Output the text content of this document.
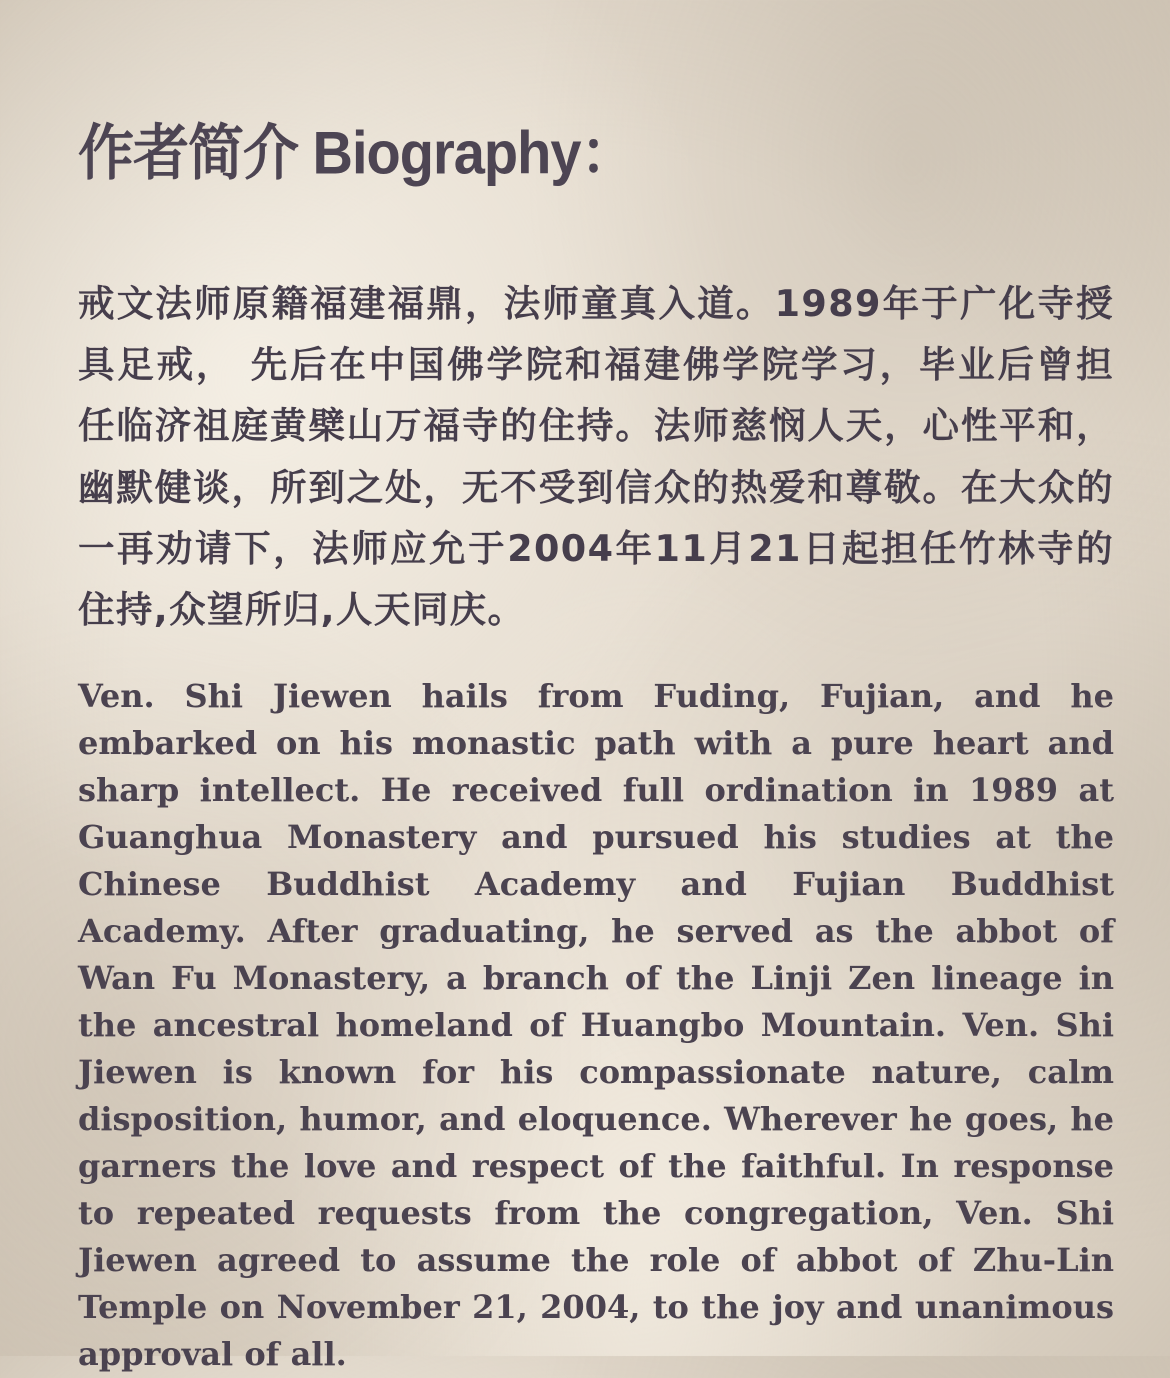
作者简介 Biography：

戒文法师原籍福建福鼎，法师童真入道。1989年于广化寺授具足戒， 先后在中国佛学院和福建佛学院学习，毕业后曾担任临济祖庭黄檗山万福寺的住持。法师慈悯人天，心性平和，幽默健谈，所到之处，无不受到信众的热爱和尊敬。在大众的一再劝请下，法师应允于2004年11月21日起担任竹林寺的住持,众望所归,人天同庆。

Ven. Shi Jiewen hails from Fuding, Fujian, and he embarked on his monastic path with a pure heart and sharp intellect. He received full ordination in 1989 at Guanghua Monastery and pursued his studies at the Chinese Buddhist Academy and Fujian Buddhist Academy. After graduating, he served as the abbot of Wan Fu Monastery, a branch of the Linji Zen lineage in the ancestral homeland of Huangbo Mountain. Ven. Shi Jiewen is known for his compassionate nature, calm disposition, humor, and eloquence. Wherever he goes, he garners the love and respect of the faithful. In response to repeated requests from the congregation, Ven. Shi Jiewen agreed to assume the role of abbot of Zhu-Lin Temple on November 21, 2004, to the joy and unanimous approval of all.
